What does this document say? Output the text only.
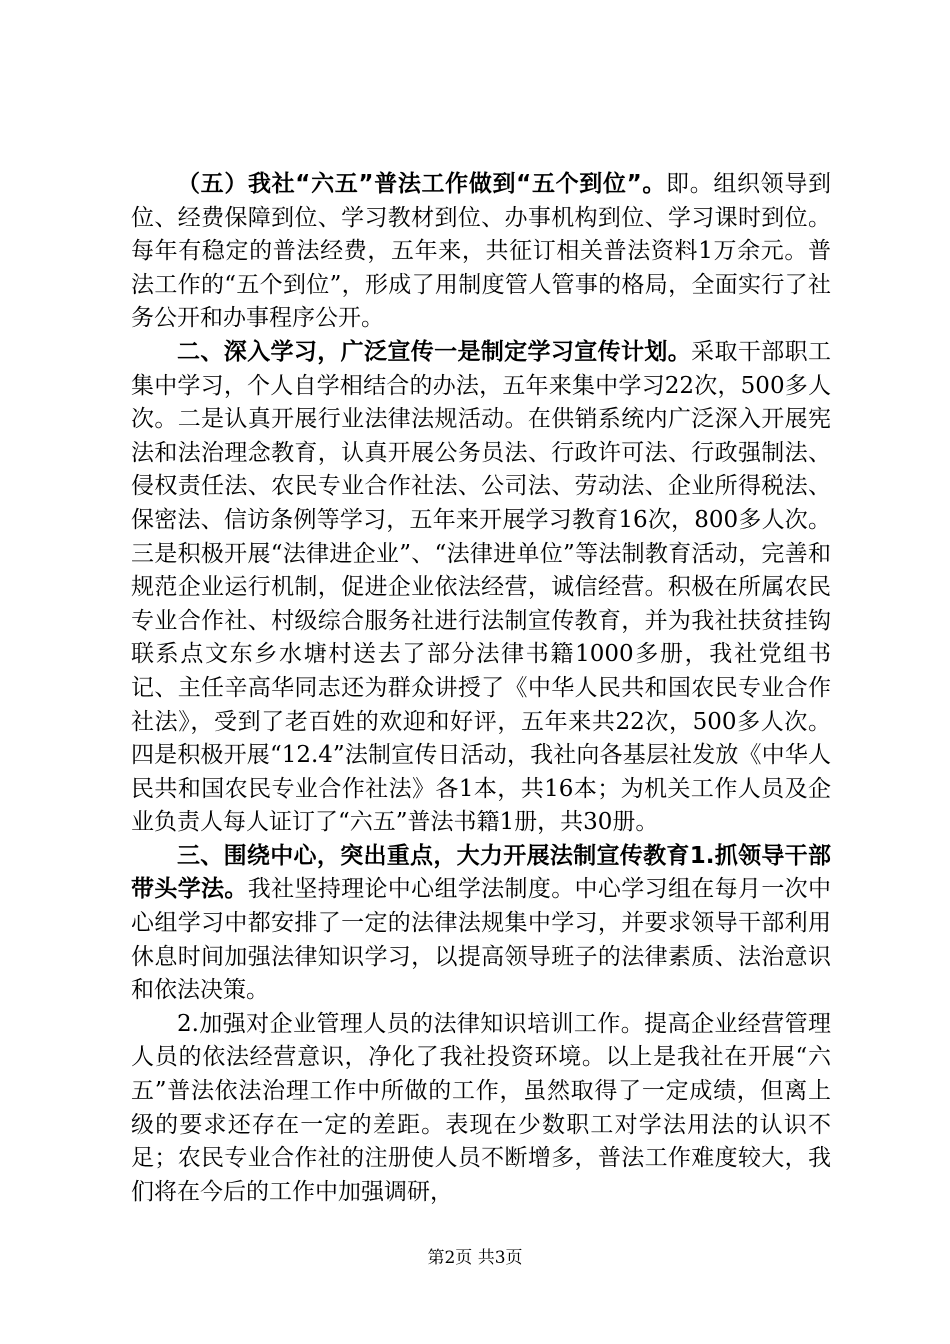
（五）我社“六五”普法工作做到“五个到位”。即。组织领导到位、经费保障到位、学习教材到位、办事机构到位、学习课时到位。每年有稳定的普法经费，五年来，共征订相关普法资料1万余元。普法工作的“五个到位”，形成了用制度管人管事的格局，全面实行了社务公开和办事程序公开。

二、深入学习，广泛宣传一是制定学习宣传计划。采取干部职工集中学习，个人自学相结合的办法，五年来集中学习22次，500多人次。二是认真开展行业法律法规活动。在供销系统内广泛深入开展宪法和法治理念教育，认真开展公务员法、行政许可法、行政强制法、侵权责任法、农民专业合作社法、公司法、劳动法、企业所得税法、保密法、信访条例等学习，五年来开展学习教育16次，800多人次。三是积极开展“法律进企业”、“法律进单位”等法制教育活动，完善和规范企业运行机制，促进企业依法经营，诚信经营。积极在所属农民专业合作社、村级综合服务社进行法制宣传教育，并为我社扶贫挂钩联系点文东乡水塘村送去了部分法律书籍1000多册，我社党组书记、主任辛高华同志还为群众讲授了《中华人民共和国农民专业合作社法》，受到了老百姓的欢迎和好评，五年来共22次，500多人次。四是积极开展“12.4”法制宣传日活动，我社向各基层社发放《中华人民共和国农民专业合作社法》各1本，共16本；为机关工作人员及企业负责人每人证订了“六五”普法书籍1册，共30册。

三、围绕中心，突出重点，大力开展法制宣传教育1.抓领导干部带头学法。我社坚持理论中心组学法制度。中心学习组在每月一次中心组学习中都安排了一定的法律法规集中学习，并要求领导干部利用休息时间加强法律知识学习，以提高领导班子的法律素质、法治意识和依法决策。

2.加强对企业管理人员的法律知识培训工作。提高企业经营管理人员的依法经营意识，净化了我社投资环境。以上是我社在开展“六五”普法依法治理工作中所做的工作，虽然取得了一定成绩，但离上级的要求还存在一定的差距。表现在少数职工对学法用法的认识不足；农民专业合作社的注册使人员不断增多，普法工作难度较大，我们将在今后的工作中加强调研，

第2页 共3页
